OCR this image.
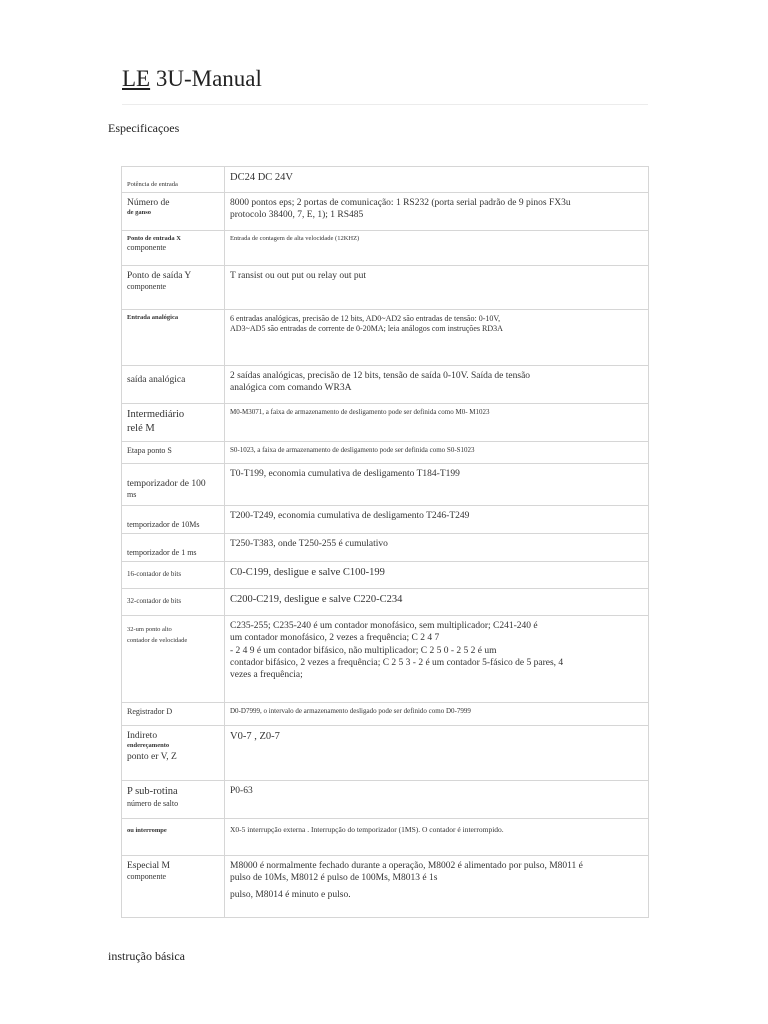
LE 3U-Manual
Especificaçoes
Potência de entrada	DC24 DC 24V

Número de
de ganso	8000 pontos eps; 2 portas de comunicação: 1 RS232 (porta serial padrão de 9 pinos FX3u
protocolo 38400, 7, E, 1); 1 RS485

Ponto de entrada X
componente	Entrada de contagem de alta velocidade (12KHZ)

Ponto de saída Y
componente	T ransist ou out put ou relay out put

Entrada analógica	6 entradas analógicas, precisão de 12 bits, AD0~AD2 são entradas de tensão: 0-10V,
AD3~AD5 são entradas de corrente de 0-20MA; leia análogos com instruções RD3A

saída analógica	2 saídas analógicas, precisão de 12 bits, tensão de saída 0-10V. Saída de tensão
analógica com comando WR3A

Intermediário
relé M	M0-M3071, a faixa de armazenamento de desligamento pode ser definida como M0- M1023

Etapa ponto S	S0-1023, a faixa de armazenamento de desligamento pode ser definida como S0-S1023

temporizador de 100
ms	T0-T199, economia cumulativa de desligamento T184-T199

temporizador de 10Ms	T200-T249, economia cumulativa de desligamento T246-T249

temporizador de 1 ms	T250-T383, onde T250-255 é cumulativo

16-contador de bits	C0-C199, desligue e salve C100-199

32-contador de bits	C200-C219, desligue e salve C220-C234

32-um ponto alto
contador de velocidade	C235-255; C235-240 é um contador monofásico, sem multiplicador; C241-240 é
um contador monofásico, 2 vezes a frequência; C 2 4 7
- 2 4 9 é um contador bifásico, não multiplicador; C 2 5 0 - 2 5 2 é um
contador bifásico, 2 vezes a frequência; C 2 5 3 - 2 é um contador 5-fásico de 5 pares, 4
vezes a frequência;

Registrador D	D0-D7999, o intervalo de armazenamento desligado pode ser definido como D0-7999

Indireto
endereçamento
ponto er V, Z	V0-7 , Z0-7

P sub-rotina
número de salto	P0-63

ou interrompe	X0-5 interrupção externa . Interrupção do temporizador (1MS). O contador é interrompido.

Especial M
componente	M8000 é normalmente fechado durante a operação, M8002 é alimentado por pulso, M8011 é
pulso de 10Ms, M8012 é pulso de 100Ms, M8013 é 1s
pulso, M8014 é minuto e pulso.
instrução básica
